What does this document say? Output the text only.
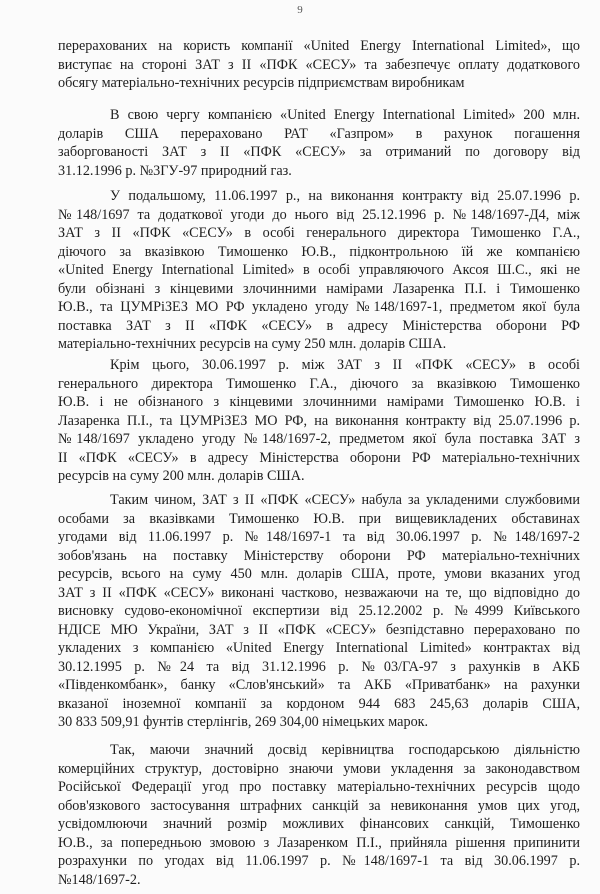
9
перерахованих на користь компанії «United Energy International Limited», що
виступає на стороні ЗАТ з II «ПФК «СЕСУ» та забезпечує оплату додаткового
обсягу матеріально-технічних ресурсів підприємствам виробникам
В свою чергу компанією «United Energy International Limited» 200 млн.
доларів США перераховано РАТ «Газпром» в рахунок погашення
заборгованості ЗАТ з II «ПФК «СЕСУ» за отриманий по договору від
31.12.1996 р. №3ГУ-97 природний газ.
У подальшому, 11.06.1997 р., на виконання контракту від 25.07.1996 р.
№148/1697 та додаткової угоди до нього від 25.12.1996 р. №148/1697-Д4, між
ЗАТ з II «ПФК «СЕСУ» в особі генерального директора Тимошенко Г.А.,
діючого за вказівкою Тимошенко Ю.В., підконтрольною їй же компанією
«United Energy International Limited» в особі управляючого Аксоя Ш.С., які не
були обізнані з кінцевими злочинними намірами Лазаренка П.І. і Тимошенко
Ю.В., та ЦУМРіЗЕЗ МО РФ укладено угоду №148/1697-1, предметом якої була
поставка ЗАТ з II «ПФК «СЕСУ» в адресу Міністерства оборони РФ
матеріально-технічних ресурсів на суму 250 млн. доларів США.
Крім цього, 30.06.1997 р. між ЗАТ з II «ПФК «СЕСУ» в особі
генерального директора Тимошенко Г.А., діючого за вказівкою Тимошенко
Ю.В. і не обізнаного з кінцевими злочинними намірами Тимошенко Ю.В. і
Лазаренка П.І., та ЦУМРіЗЕЗ МО РФ, на виконання контракту від 25.07.1996 р.
№148/1697 укладено угоду №148/1697-2, предметом якої була поставка ЗАТ з
II «ПФК «СЕСУ» в адресу Міністерства оборони РФ матеріально-технічних
ресурсів на суму 200 млн. доларів США.
Таким чином, ЗАТ з II «ПФК «СЕСУ» набула за укладеними службовими
особами за вказівками Тимошенко Ю.В. при вищевикладених обставинах
угодами від 11.06.1997 р. №148/1697-1 та від 30.06.1997 р. №148/1697-2
зобов'язань на поставку Міністерству оборони РФ матеріально-технічних
ресурсів, всього на суму 450 млн. доларів США, проте, умови вказаних угод
ЗАТ з II «ПФК «СЕСУ» виконані частково, незважаючи на те, що відповідно до
висновку судово-економічної експертизи від 25.12.2002 р. №4999 Київського
НДІСЕ МЮ України, ЗАТ з II «ПФК «СЕСУ» безпідставно перераховано по
укладених з компанією «United Energy International Limited» контрактах від
30.12.1995 р. №24 та від 31.12.1996 р. №03/ГА-97 з рахунків в АКБ
«Південкомбанк», банку «Слов'янський» та АКБ «Приватбанк» на рахунки
вказаної іноземної компанії за кордоном 944 683 245,63 доларів США,
30 833 509,91 фунтів стерлінгів, 269 304,00 німецьких марок.
Так, маючи значний досвід керівництва господарською діяльністю
комерційних структур, достовірно знаючи умови укладення за законодавством
Російської Федерації угод про поставку матеріально-технічних ресурсів щодо
обов'язкового застосування штрафних санкцій за невиконання умов цих угод,
усвідомлюючи значний розмір можливих фінансових санкцій, Тимошенко
Ю.В., за попередньою змовою з Лазаренком П.І., прийняла рішення припинити
розрахунки по угодах від 11.06.1997 р. №148/1697-1 та від 30.06.1997 р.
№148/1697-2.
